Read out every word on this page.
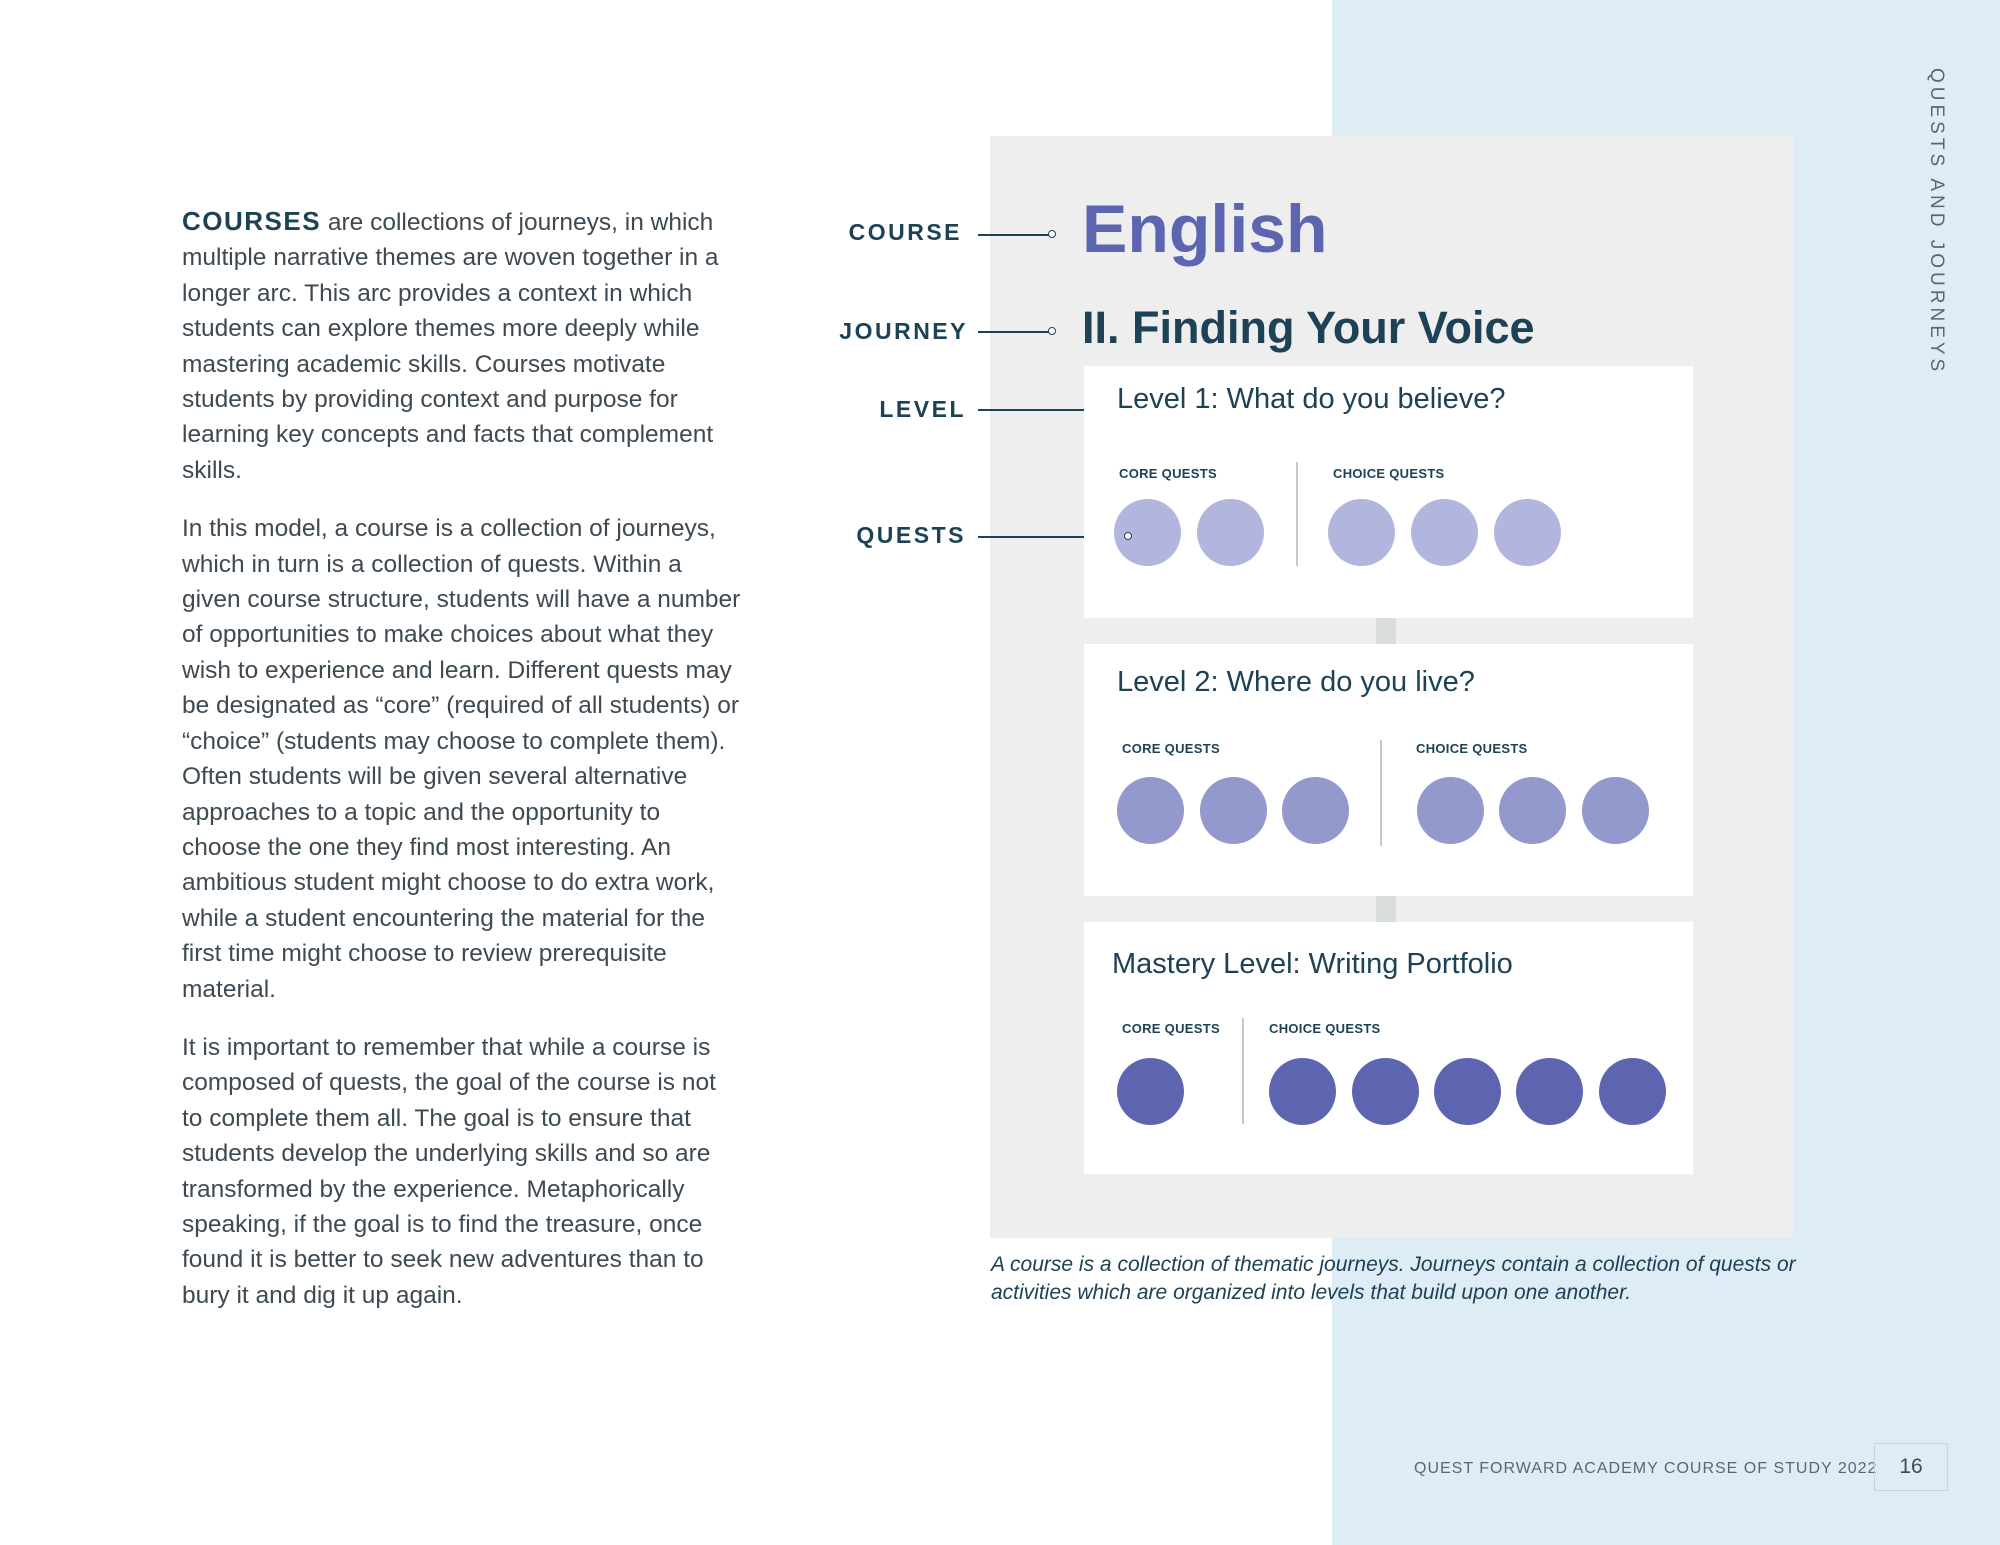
QUESTS AND JOURNEYS

COURSES are collections of journeys, in which multiple narrative themes are woven together in a longer arc. This arc provides a context in which students can explore themes more deeply while mastering academic skills. Courses motivate students by providing context and purpose for learning key concepts and facts that complement skills.

In this model, a course is a collection of journeys, which in turn is a collection of quests. Within a given course structure, students will have a number of opportunities to make choices about what they wish to experience and learn. Different quests may be designated as “core” (required of all students) or “choice” (students may choose to complete them). Often students will be given several alternative approaches to a topic and the opportunity to choose the one they find most interesting. An ambitious student might choose to do extra work, while a student encountering the material for the first time might choose to review prerequisite material.

It is important to remember that while a course is composed of quests, the goal of the course is not to complete them all. The goal is to ensure that students develop the underlying skills and so are transformed by the experience. Metaphorically speaking, if the goal is to find the treasure, once found it is better to seek new adventures than to bury it and dig it up again.

COURSE
JOURNEY
LEVEL
QUESTS
English
II. Finding Your Voice
Level 1: What do you believe?
CORE QUESTS	CHOICE QUESTS
Level 2: Where do you live?
CORE QUESTS	CHOICE QUESTS
Mastery Level: Writing Portfolio
CORE QUESTS	CHOICE QUESTS
A course is a collection of thematic journeys. Journeys contain a collection of quests or activities which are organized into levels that build upon one another.
QUEST FORWARD ACADEMY COURSE OF STUDY 2022	16
